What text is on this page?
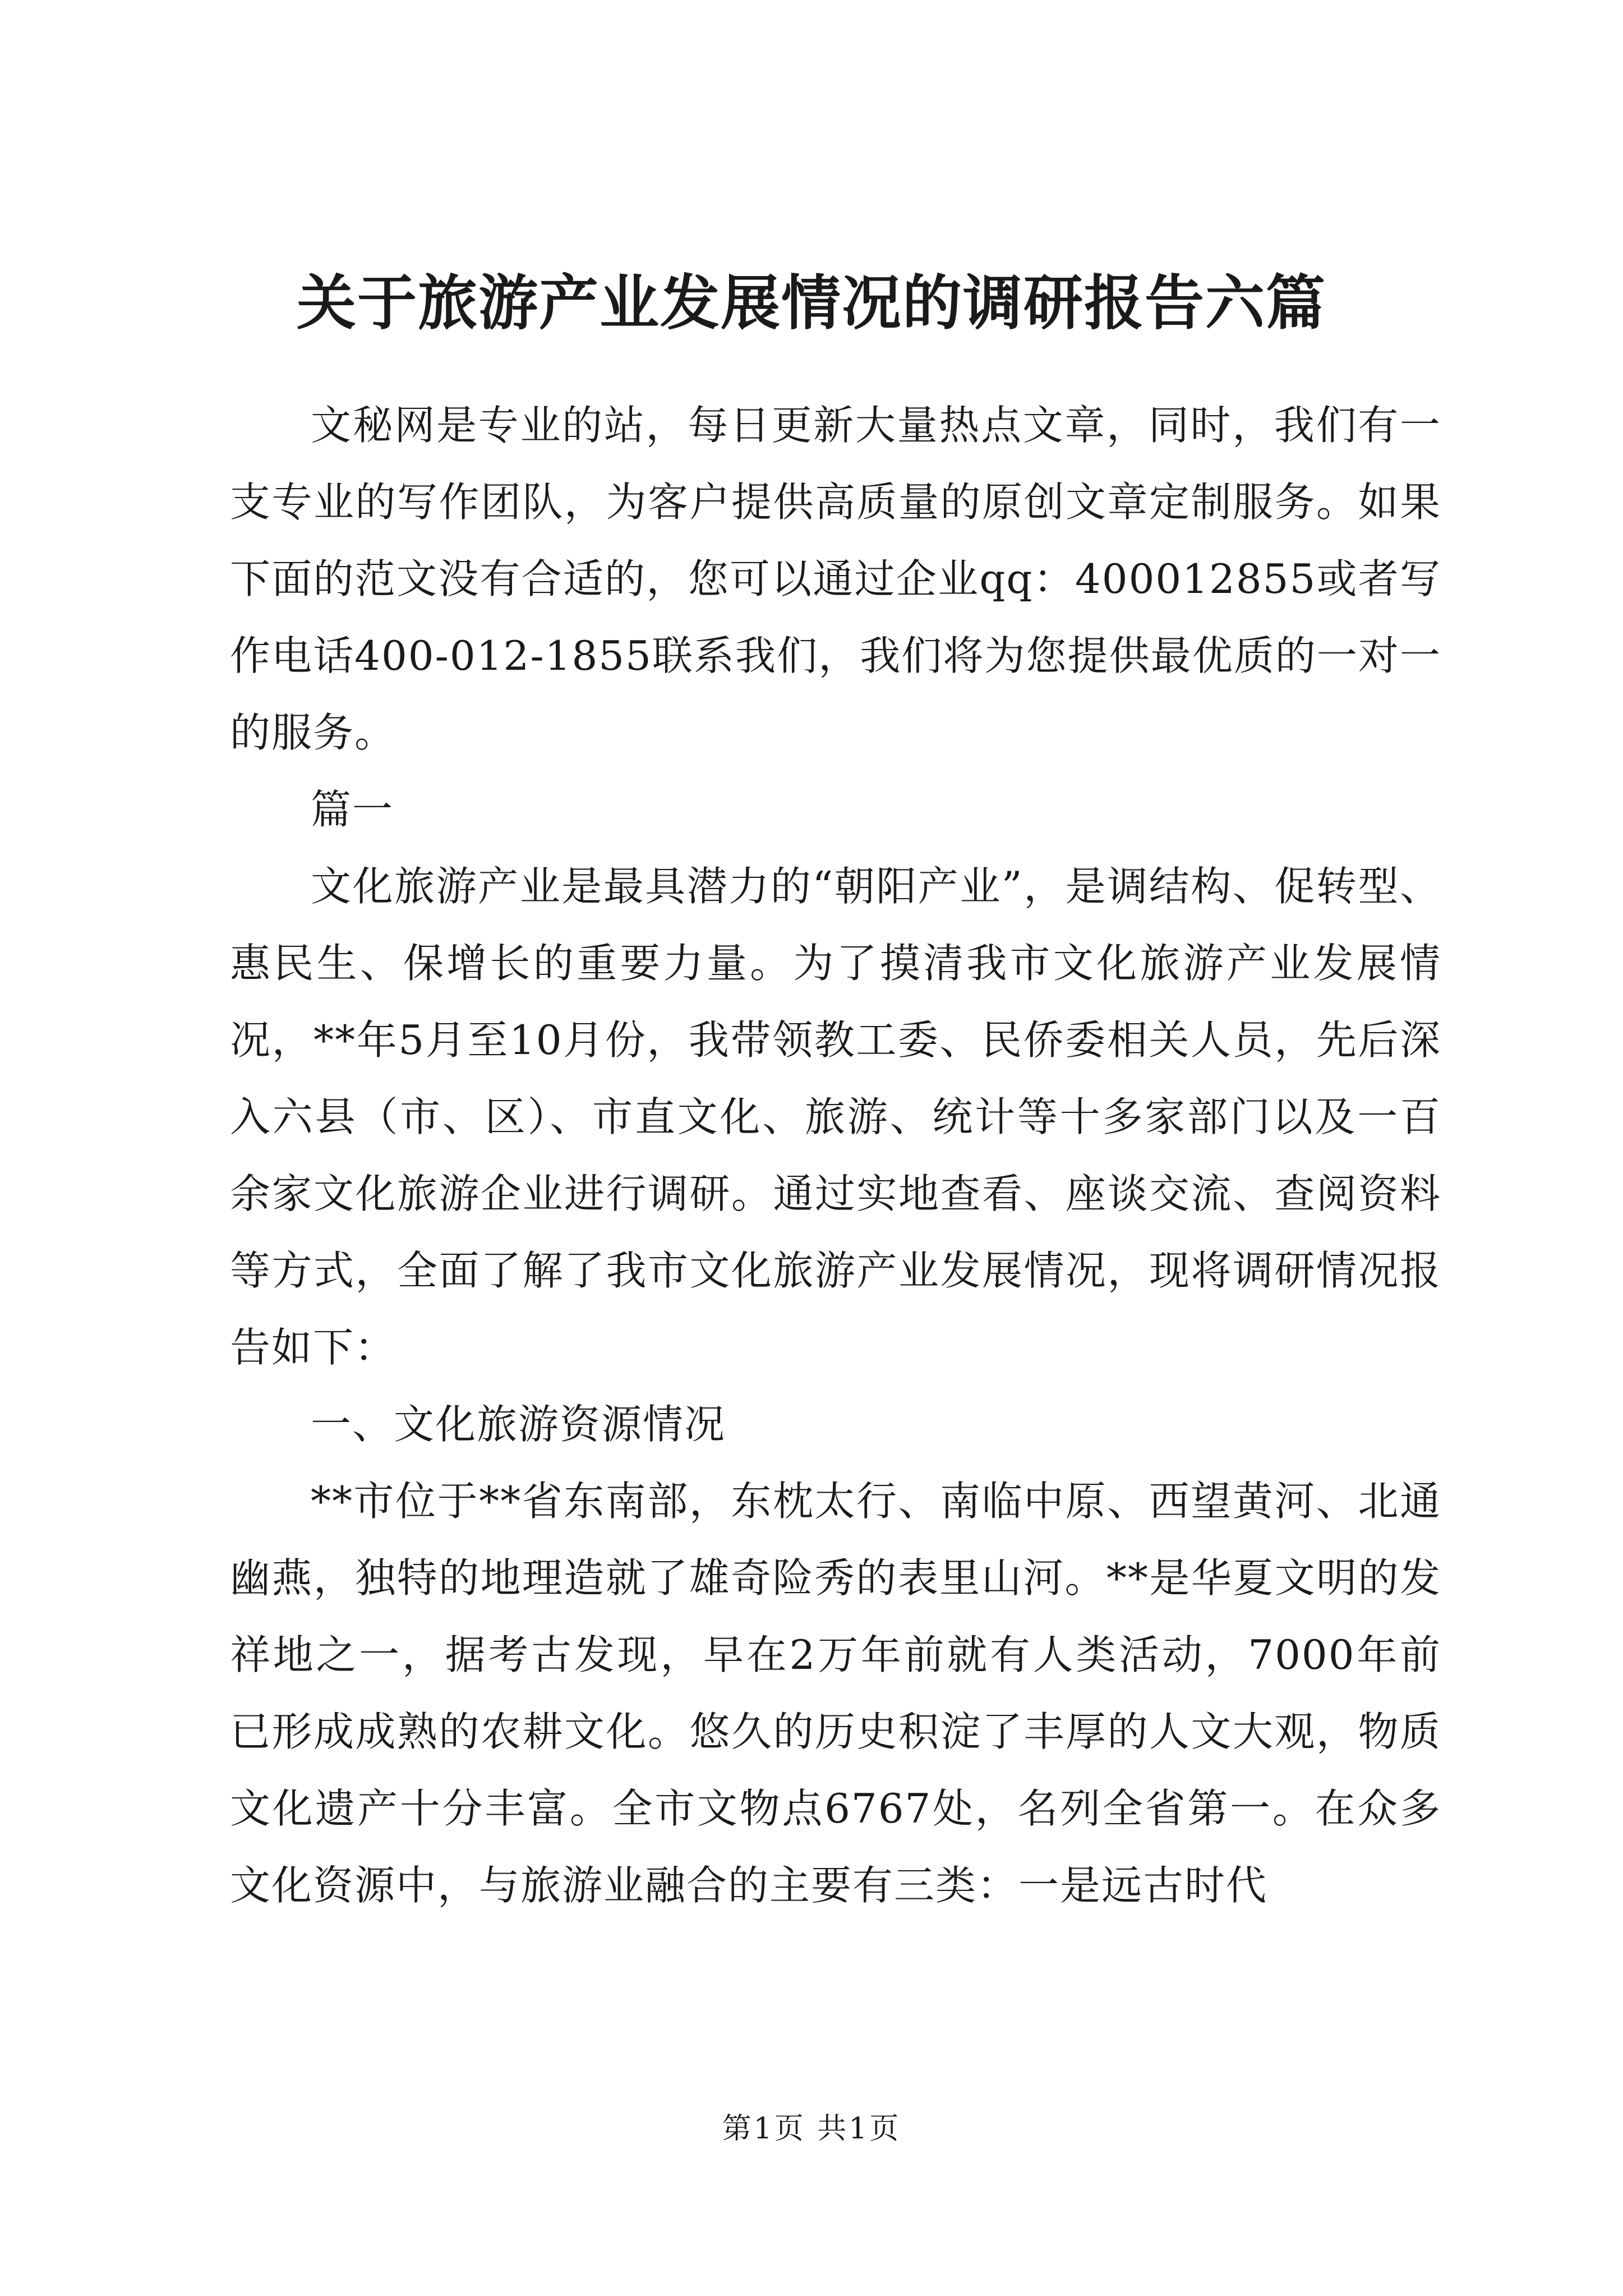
关于旅游产业发展情况的调研报告六篇

文秘网是专业的站，每日更新大量热点文章，同时，我们有一支专业的写作团队，为客户提供高质量的原创文章定制服务。如果下面的范文没有合适的，您可以通过企业qq：400012855或者写作电话400-012-1855联系我们，我们将为您提供最优质的一对一的服务。

篇一

文化旅游产业是最具潜力的“朝阳产业”，是调结构、促转型、惠民生、保增长的重要力量。为了摸清我市文化旅游产业发展情况，**年5月至10月份，我带领教工委、民侨委相关人员，先后深入六县（市、区）、市直文化、旅游、统计等十多家部门以及一百余家文化旅游企业进行调研。通过实地查看、座谈交流、查阅资料等方式，全面了解了我市文化旅游产业发展情况，现将调研情况报告如下：

一、文化旅游资源情况

**市位于**省东南部，东枕太行、南临中原、西望黄河、北通幽燕，独特的地理造就了雄奇险秀的表里山河。**是华夏文明的发祥地之一，据考古发现，早在2万年前就有人类活动，7000年前已形成成熟的农耕文化。悠久的历史积淀了丰厚的人文大观，物质文化遗产十分丰富。全市文物点6767处，名列全省第一。在众多文化资源中，与旅游业融合的主要有三类：一是远古时代

第1页 共1页
